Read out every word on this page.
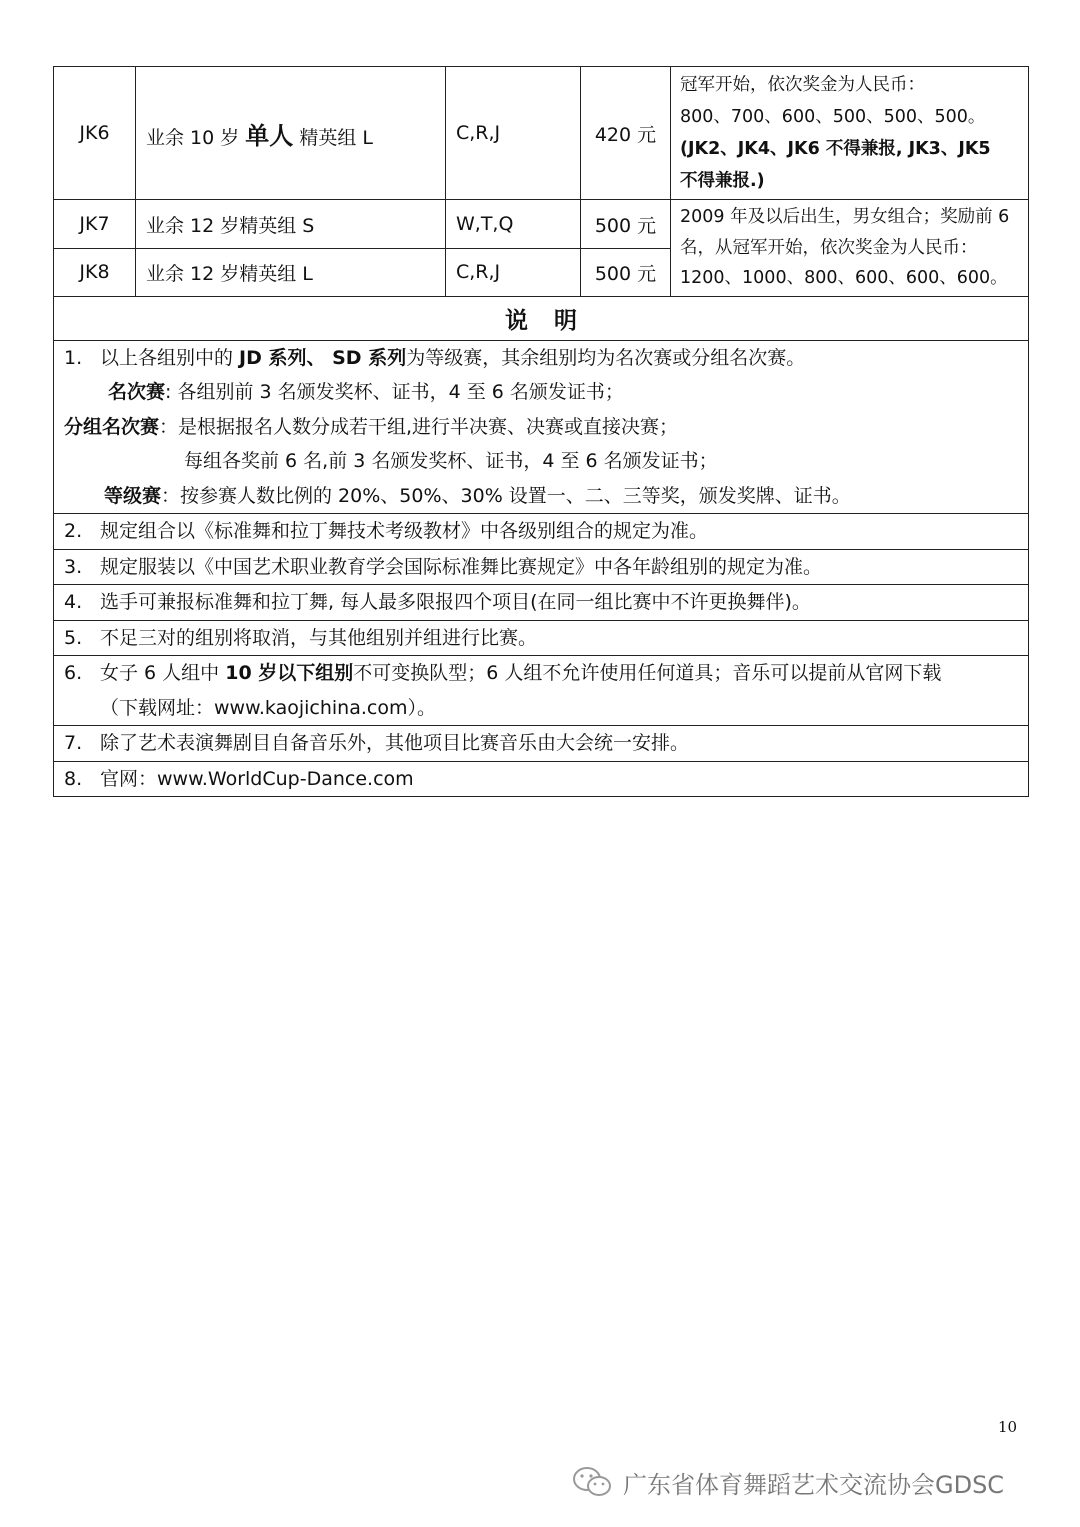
JK6	业余 10 岁 单人 精英组 L	C,R,J	420 元	冠军开始，依次奖金为人民币：
800、700、600、500、500、500。
(JK2、JK4、JK6 不得兼报, JK3、JK5
不得兼报.)

JK7	业余 12 岁精英组 S	W,T,Q	500 元	2009 年及以后出生，男女组合；奖励前 6
名，从冠军开始，依次奖金为人民币：
1200、1000、800、600、600、600。

JK8	业余 12 岁精英组 L	C,R,J	500 元	
说明				

1. 以上各组别中的 JD 系列、 SD 系列为等级赛，其余组别均为名次赛或分组名次赛。
名次赛: 各组别前 3 名颁发奖杯、证书，4 至 6 名颁发证书；
分组名次赛：是根据报名人数分成若干组,进行半决赛、决赛或直接决赛；
每组各奖前 6 名,前 3 名颁发奖杯、证书，4 至 6 名颁发证书；
等级赛：按参赛人数比例的 20%、50%、30% 设置一、二、三等奖，颁发奖牌、证书。				

2. 规定组合以《标准舞和拉丁舞技术考级教材》中各级别组合的规定为准。				
3. 规定服装以《中国艺术职业教育学会国际标准舞比赛规定》中各年龄组别的规定为准。				
4. 选手可兼报标准舞和拉丁舞, 每人最多限报四个项目(在同一组比赛中不许更换舞伴)。				
5. 不足三对的组别将取消，与其他组别并组进行比赛。				

6. 女子 6 人组中 10 岁以下组别不可变换队型；6 人组不允许使用任何道具；音乐可以提前从官网下载
（下载网址：www.kaojichina.com）。				

7. 除了艺术表演舞剧目自备音乐外，其他项目比赛音乐由大会统一安排。				
8. 官网：www.WorldCup-Dance.com				
10
广东省体育舞蹈艺术交流协会GDSC
